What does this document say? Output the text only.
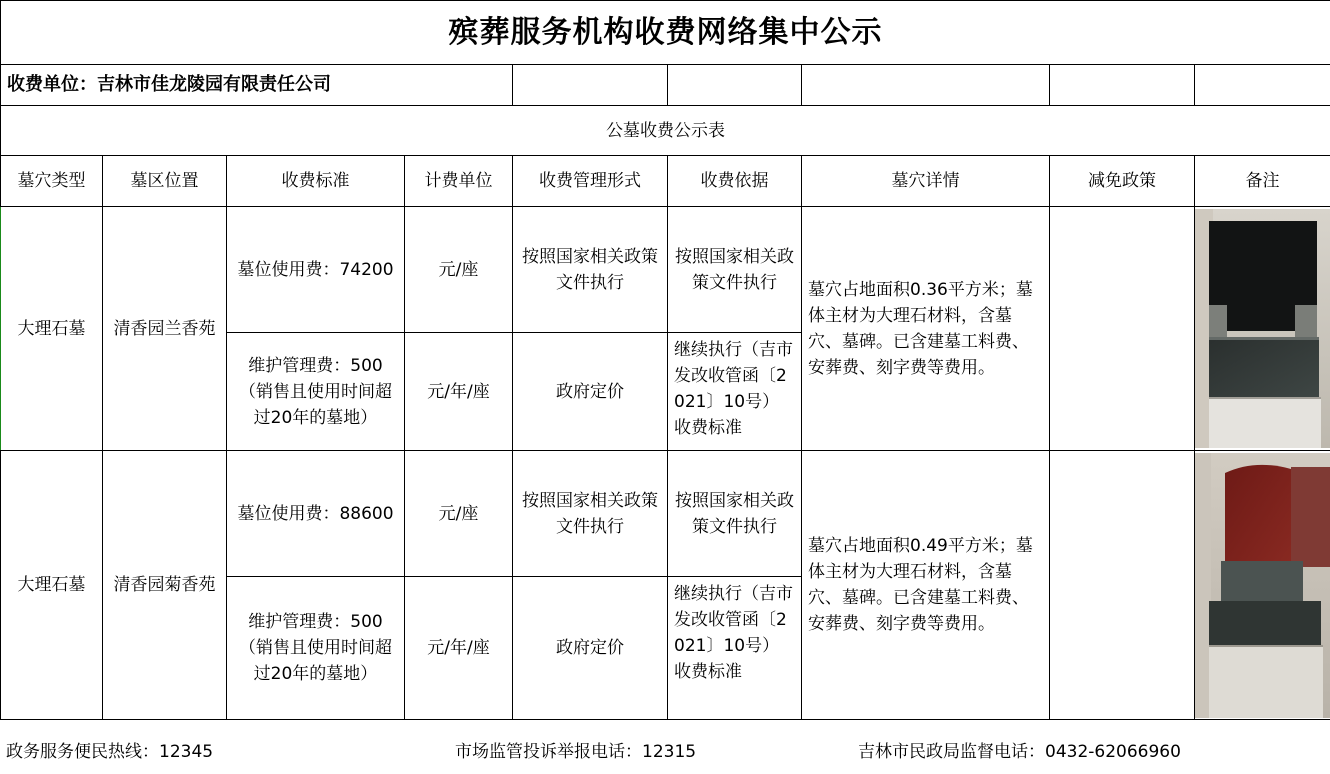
殡葬服务机构收费网络集中公示								
收费单位：吉林市佳龙陵园有限责任公司								
公墓收费公示表								
墓穴类型	墓区位置	收费标准	计费单位	收费管理形式	收费依据	墓穴详情	减免政策	备注
大理石墓	清香园兰香苑	墓位使用费：74200	元/座	按照国家相关政策文件执行	按照国家相关政策文件执行	墓穴占地面积0.36平方米；墓体主材为大理石材料，含墓穴、墓碑。已含建墓工料费、安葬费、刻字费等费用。		

		维护管理费：500（销售且使用时间超过20年的墓地）	元/年/座	政府定价	继续执行（吉市发改收管函〔2021〕10号）收费标准			

大理石墓	清香园菊香苑	墓位使用费：88600	元/座	按照国家相关政策文件执行	按照国家相关政策文件执行	墓穴占地面积0.49平方米；墓体主材为大理石材料，含墓穴、墓碑。已含建墓工料费、安葬费、刻字费等费用。		

		维护管理费：500（销售且使用时间超过20年的墓地）	元/年/座	政府定价	继续执行（吉市发改收管函〔2021〕10号）收费标准			
政务服务便民热线：12345	市场监管投诉举报电话：12315	吉林市民政局监督电话：0432-62066960
